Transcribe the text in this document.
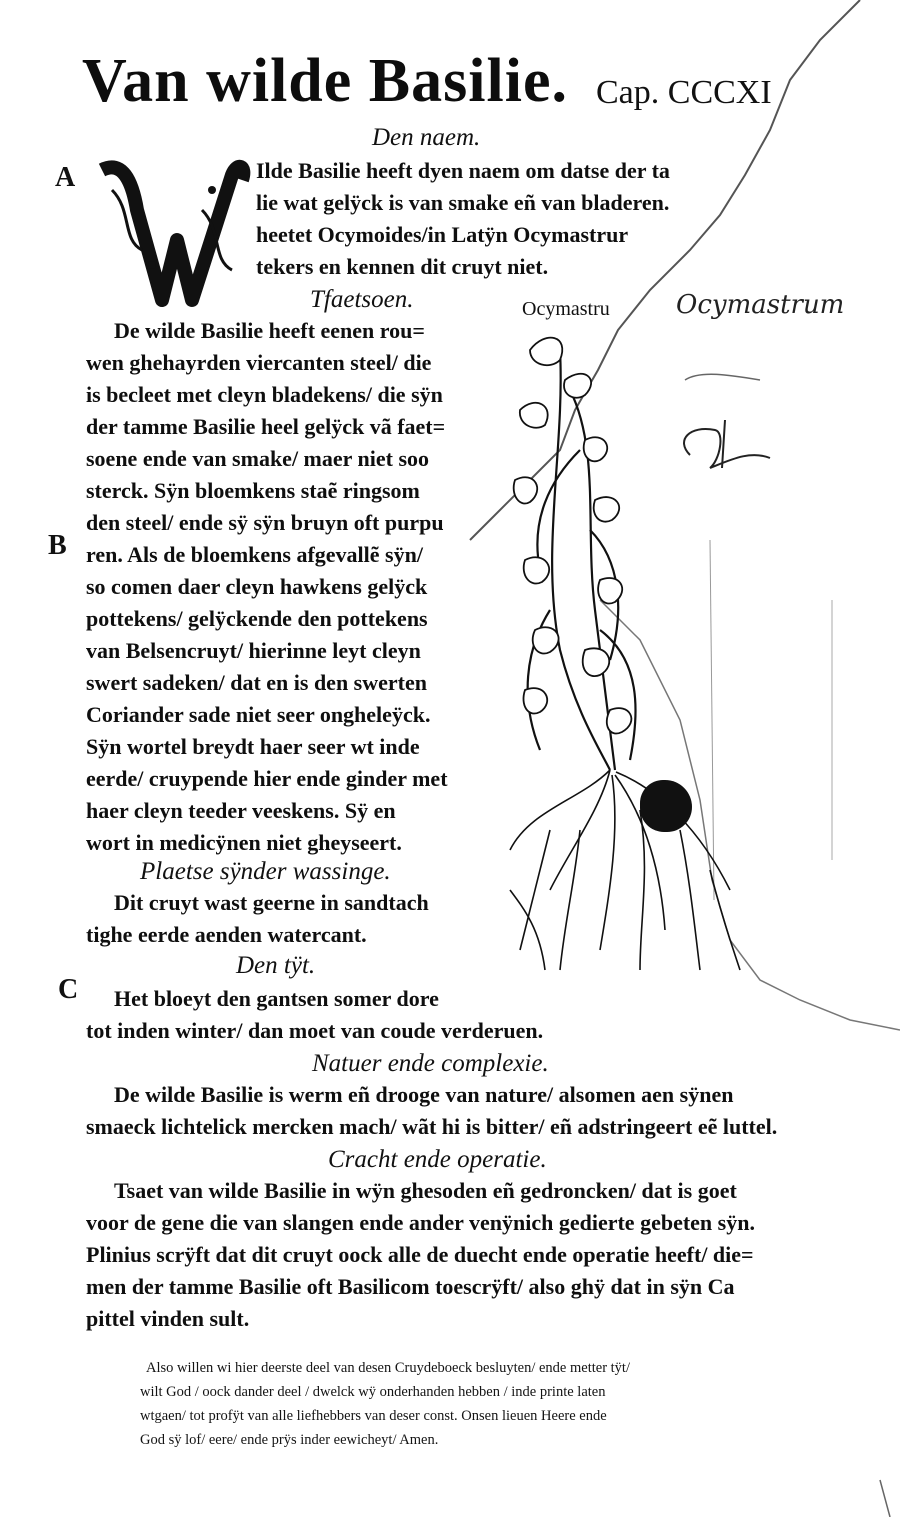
Van wilde Basilie. Cap. CCCXI
Den naem.
A	Ilde Basilie heeft dyen naem om datse der ta
lie wat gelÿck is van smake eñ van bladeren.
heetet Ocymoides/in Latÿn Ocymastrur
tekers en kennen dit cruyt niet.
Tfaetsoen.
De wilde Basilie heeft eenen rou=
wen ghehayrden viercanten steel/ die
is becleet met cleyn bladekens/ die sÿn
der tamme Basilie heel gelÿck vã faet=
soene ende van smake/ maer niet soo
sterck. Sÿn bloemkens staẽ ringsom
den steel/ ende sÿ sÿn bruyn oft purpu
B ren. Als de bloemkens afgevallẽ sÿn/
so comen daer cleyn hawkens gelÿck
pottekens/ gelÿckende den pottekens
van Belsencruyt/ hierinne leyt cleyn
swert sadeken/ dat en is den swerten
Coriander sade niet seer ongheleÿck.
Sÿn wortel breydt haer seer wt inde
eerde/ cruypende hier ende ginder met
haer cleyn teeder veeskens. Sÿ en
wort in medicÿnen niet gheyseert.
Plaetse sÿnder wassinge.
Dit cruyt wast geerne in sandtach
tighe eerde aenden watercant.
Den tÿt.
C Het bloeyt den gantsen somer dore
tot inden winter/ dan moet van coude verderuen.
Natuer ende complexie.
De wilde Basilie is werm eñ drooge van nature/ alsomen aen sÿnen
smaeck lichtelick mercken mach/ wãt hi is bitter/ eñ adstringeert eẽ luttel.
Cracht ende operatie.
Tsaet van wilde Basilie in wÿn ghesoden eñ gedroncken/ dat is goet
voor de gene die van slangen ende ander venÿnich gedierte gebeten sÿn.
Plinius scrÿft dat dit cruyt oock alle de duecht ende operatie heeft/ die=
men der tamme Basilie oft Basilicom toescrÿft/ also ghÿ dat in sÿn Ca
pittel vinden sult.
Also willen wi hier deerste deel van desen Cruydeboeck besluyten/ ende metter tÿt/
wilt God / oock dander deel / dwelck wÿ onderhanden hebben / inde printe laten
wtgaen/ tot profÿt van alle liefhebbers van deser const. Onsen lieuen Heere ende
God sÿ lof/ eere/ ende prÿs inder eewicheyt/ Amen.
Ocymastru	Ocymastrum
